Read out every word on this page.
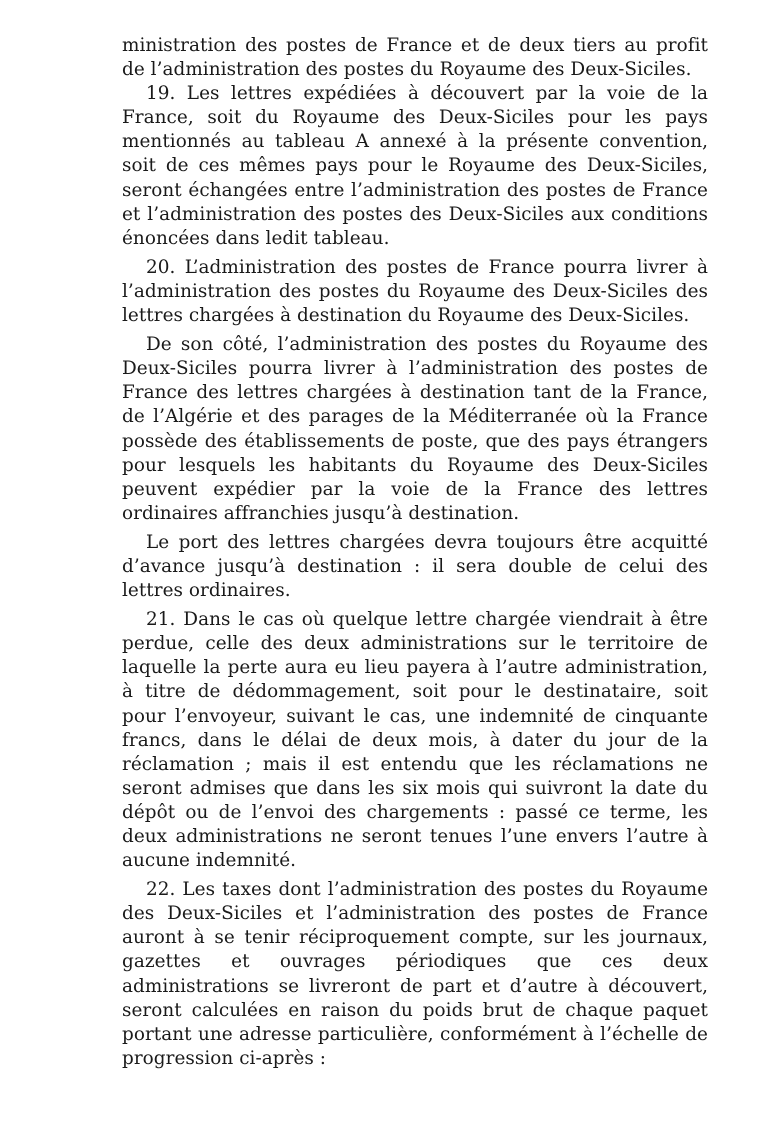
ministration des postes de France et de deux tiers au profit de l’administration des postes du Royaume des Deux-Siciles.

19. Les lettres expédiées à découvert par la voie de la France, soit du Royaume des Deux-Siciles pour les pays mentionnés au tableau A annexé à la présente convention, soit de ces mêmes pays pour le Royaume des Deux-Siciles, seront échangées entre l’administration des postes de France et l’administration des postes des Deux-Siciles aux conditions énoncées dans ledit tableau.

20. L’administration des postes de France pourra livrer à l’administration des postes du Royaume des Deux-Siciles des lettres chargées à destination du Royaume des Deux-Siciles.

De son côté, l’administration des postes du Royaume des Deux-Siciles pourra livrer à l’administration des postes de France des lettres chargées à destination tant de la France, de l’Algérie et des parages de la Méditerranée où la France possède des établissements de poste, que des pays étrangers pour lesquels les habitants du Royaume des Deux-Siciles peuvent expédier par la voie de la France des lettres ordinaires affranchies jusqu’à destination.

Le port des lettres chargées devra toujours être acquitté d’avance jusqu’à destination : il sera double de celui des lettres ordinaires.

21. Dans le cas où quelque lettre chargée viendrait à être perdue, celle des deux administrations sur le territoire de laquelle la perte aura eu lieu payera à l’autre administration, à titre de dédommagement, soit pour le destinataire, soit pour l’envoyeur, suivant le cas, une indemnité de cinquante francs, dans le délai de deux mois, à dater du jour de la réclamation ; mais il est entendu que les réclamations ne seront admises que dans les six mois qui suivront la date du dépôt ou de l’envoi des chargements : passé ce terme, les deux administrations ne seront tenues l’une envers l’autre à aucune indemnité.

22. Les taxes dont l’administration des postes du Royaume des Deux-Siciles et l’administration des postes de France auront à se tenir réciproquement compte, sur les journaux, gazettes et ouvrages périodiques que ces deux administrations se livreront de part et d’autre à découvert, seront calculées en raison du poids brut de chaque paquet portant une adresse particulière, conformément à l’échelle de progression ci-après :
